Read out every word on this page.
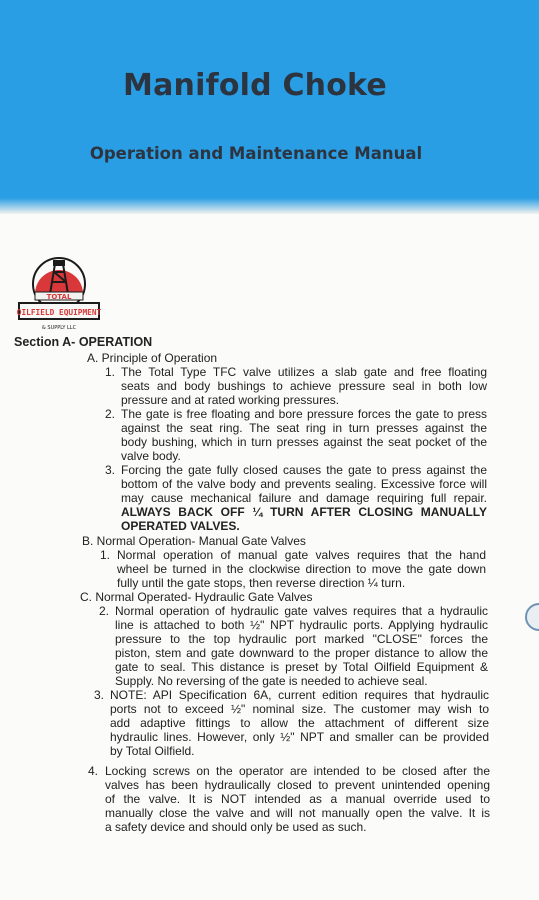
Manifold Choke
Operation and Maintenance Manual
TOTAL
OILFIELD EQUIPMENT
& SUPPLY LLC
Section A- OPERATION
A. Principle of Operation
1. The Total Type TFC valve utilizes a slab gate and free floating
seats and body bushings to achieve pressure seal in both low
pressure and at rated working pressures.
2. The gate is free floating and bore pressure forces the gate to press
against the seat ring. The seat ring in turn presses against the
body bushing, which in turn presses against the seat pocket of the
valve body.
3. Forcing the gate fully closed causes the gate to press against the
bottom of the valve body and prevents sealing. Excessive force will
may cause mechanical failure and damage requiring full repair.
ALWAYS BACK OFF ¼ TURN AFTER CLOSING MANUALLY
OPERATED VALVES.
B. Normal Operation- Manual Gate Valves
1. Normal operation of manual gate valves requires that the hand
wheel be turned in the clockwise direction to move the gate down
fully until the gate stops, then reverse direction ¼ turn.
C. Normal Operated- Hydraulic Gate Valves
2. Normal operation of hydraulic gate valves requires that a hydraulic
line is attached to both ½" NPT hydraulic ports. Applying hydraulic
pressure to the top hydraulic port marked "CLOSE" forces the
piston, stem and gate downward to the proper distance to allow the
gate to seal. This distance is preset by Total Oilfield Equipment &
Supply. No reversing of the gate is needed to achieve seal.
3. NOTE: API Specification 6A, current edition requires that hydraulic
ports not to exceed ½" nominal size. The customer may wish to
add adaptive fittings to allow the attachment of different size
hydraulic lines. However, only ½" NPT and smaller can be provided
by Total Oilfield.
4. Locking screws on the operator are intended to be closed after the
valves has been hydraulically closed to prevent unintended opening
of the valve. It is NOT intended as a manual override used to
manually close the valve and will not manually open the valve. It is
a safety device and should only be used as such.
